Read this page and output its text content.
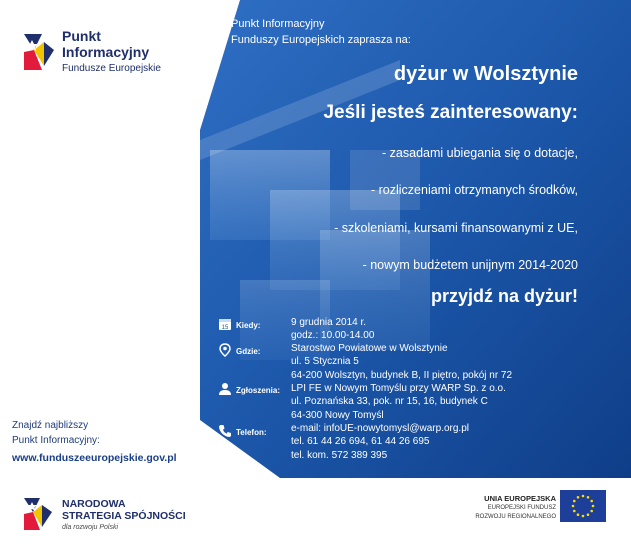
Punkt
Informacyjny
Fundusze Europejskie
Punkt Informacyjny
Funduszy Europejskich zaprasza na:
dyżur w Wolsztynie
Jeśli jesteś zainteresowany:
- zasadami ubiegania się o dotacje,
- rozliczeniami otrzymanych środków,
- szkoleniami, kursami finansowanymi z UE,
- nowym budżetem unijnym 2014-2020
przyjdź na dyżur!
15 Kiedy:	9 grudnia 2014 r.
godz.: 10.00-14.00
Gdzie:	Starostwo Powiatowe w Wolsztynie
ul. 5 Stycznia 5
64-200 Wolsztyn, budynek B, II piętro, pokój nr 72
Zgłoszenia: LPI FE w Nowym Tomyślu przy WARP Sp. z o.o.
ul. Poznańska 33, pok. nr 15, 16, budynek C
64-300 Nowy Tomyśl
Telefon: e-mail: infoUE-nowytomysl@warp.org.pl
tel. 61 44 26 694, 61 44 26 695
tel. kom. 572 389 395
Znajdź najbliższy
Punkt Informacyjny:
www.funduszeeuropejskie.gov.pl
NARODOWA
STRATEGIA SPÓJNOŚCI
dla rozwoju Polski
UNIA EUROPEJSKA
EUROPEJSKI FUNDUSZ
ROZWOJU REGIONALNEGO
